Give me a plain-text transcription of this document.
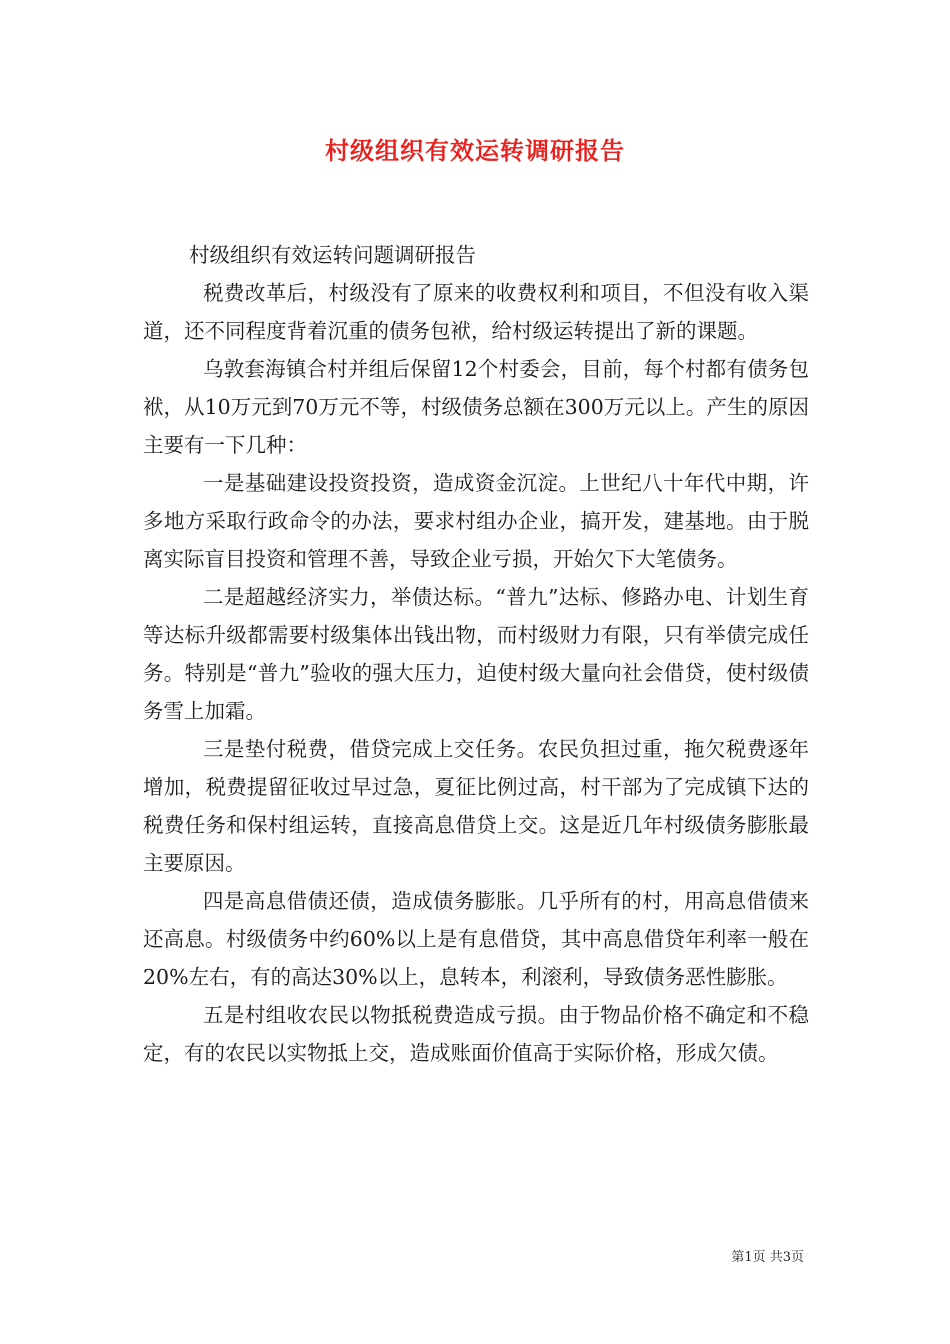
村级组织有效运转调研报告

村级组织有效运转问题调研报告

税费改革后，村级没有了原来的收费权利和项目，不但没有收入渠道，还不同程度背着沉重的债务包袱，给村级运转提出了新的课题。

乌敦套海镇合村并组后保留12个村委会，目前，每个村都有债务包袱，从10万元到70万元不等，村级债务总额在300万元以上。产生的原因主要有一下几种：

一是基础建设投资投资，造成资金沉淀。上世纪八十年代中期，许多地方采取行政命令的办法，要求村组办企业，搞开发，建基地。由于脱离实际盲目投资和管理不善，导致企业亏损，开始欠下大笔债务。

二是超越经济实力，举债达标。“普九”达标、修路办电、计划生育等达标升级都需要村级集体出钱出物，而村级财力有限，只有举债完成任务。特别是“普九”验收的强大压力，迫使村级大量向社会借贷，使村级债务雪上加霜。

三是垫付税费，借贷完成上交任务。农民负担过重，拖欠税费逐年增加，税费提留征收过早过急，夏征比例过高，村干部为了完成镇下达的税费任务和保村组运转，直接高息借贷上交。这是近几年村级债务膨胀最主要原因。

四是高息借债还债，造成债务膨胀。几乎所有的村，用高息借债来还高息。村级债务中约60%以上是有息借贷，其中高息借贷年利率一般在20%左右，有的高达30%以上，息转本，利滚利，导致债务恶性膨胀。

五是村组收农民以物抵税费造成亏损。由于物品价格不确定和不稳定，有的农民以实物抵上交，造成账面价值高于实际价格，形成欠债。

第1页 共3页
